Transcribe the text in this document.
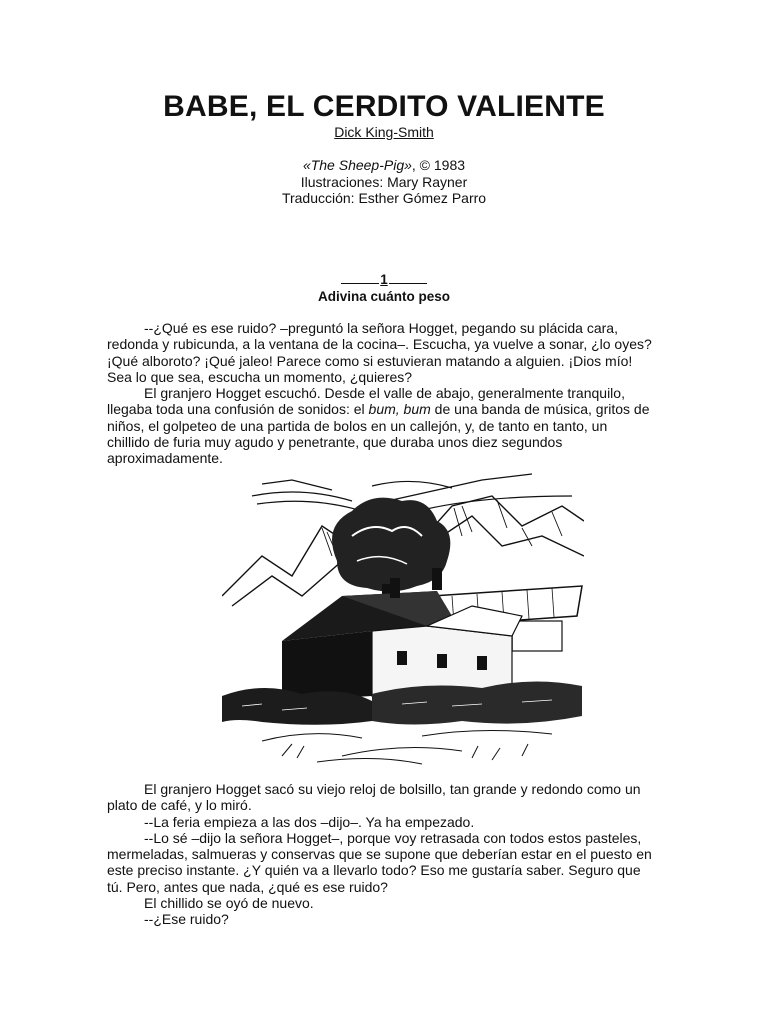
BABE, EL CERDITO VALIENTE
Dick King-Smith
«The Sheep-Pig», © 1983
Ilustraciones: Mary Rayner
Traducción: Esther Gómez Parro
1
Adivina cuánto peso

--¿Qué es ese ruido? –preguntó la señora Hogget, pegando su plácida cara, redonda y rubicunda, a la ventana de la cocina–. Escucha, ya vuelve a sonar, ¿lo oyes? ¡Qué alboroto? ¡Qué jaleo! Parece como si estuvieran matando a alguien. ¡Dios mío! Sea lo que sea, escucha un momento, ¿quieres?

El granjero Hogget escuchó. Desde el valle de abajo, generalmente tranquilo, llegaba toda una confusión de sonidos: el bum, bum de una banda de música, gritos de niños, el golpeteo de una partida de bolos en un callejón, y, de tanto en tanto, un chillido de furia muy agudo y penetrante, que duraba unos diez segundos aproximadamente.

El granjero Hogget sacó su viejo reloj de bolsillo, tan grande y redondo como un plato de café, y lo miró.

--La feria empieza a las dos –dijo–. Ya ha empezado.

--Lo sé –dijo la señora Hogget–, porque voy retrasada con todos estos pasteles, mermeladas, salmueras y conservas que se supone que deberían estar en el puesto en este preciso instante. ¿Y quién va a llevarlo todo? Eso me gustaría saber. Seguro que tú. Pero, antes que nada, ¿qué es ese ruido?

El chillido se oyó de nuevo.

--¿Ese ruido?
